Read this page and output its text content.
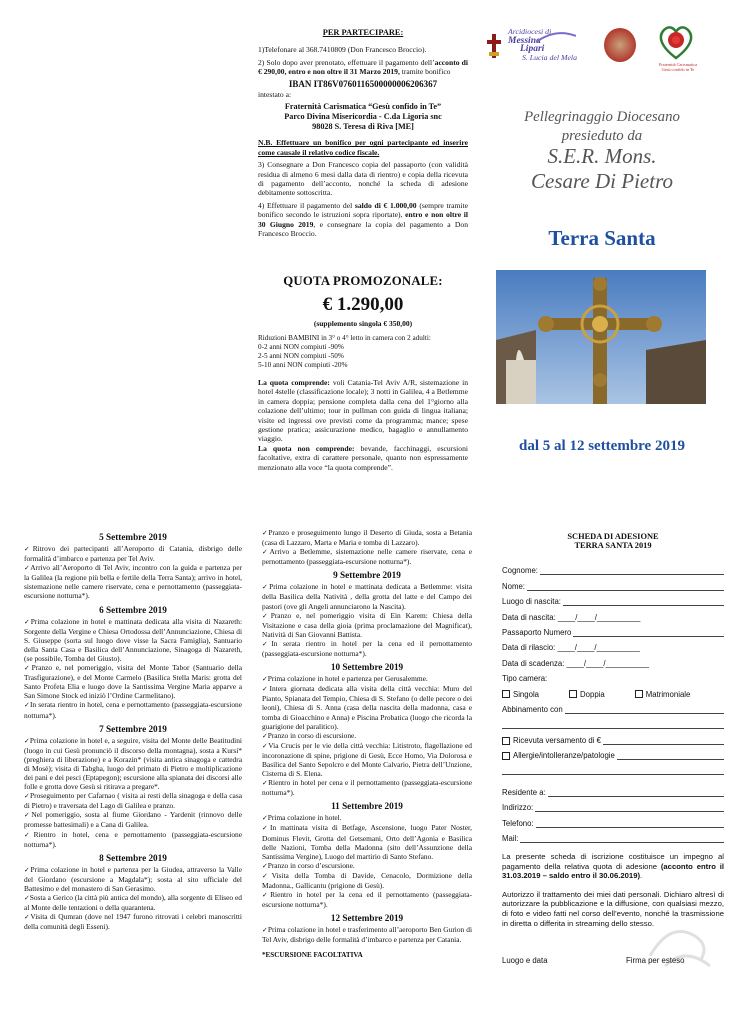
PER PARTECIPARE:

1)Telefonare al 368.7410809 (Don Francesco Broccio).

2) Solo dopo aver prenotato, effettuare il pagamento dell’acconto di € 290,00, entro e non oltre il 31 Marzo 2019, tramite bonifico

IBAN IT86V0760116500000006206367

intestato a:

Fraternità Carismatica “Gesù confido in Te”
Parco Divina Misericordia - C.da Ligoria snc
98028 S. Teresa di Riva [ME]

N.B. Effettuare un bonifico per ogni partecipante ed inserire come causale il relativo codice fiscale.

3) Consegnare a Don Francesco copia del passaporto (con validità residua di almeno 6 mesi dalla data di rientro) e copia della ricevuta di pagamento dell’acconto, nonché la scheda di adesione debitamente sottoscritta.

4) Effettuare il pagamento del saldo di € 1.000,00 (sempre tramite bonifico secondo le istruzioni sopra riportate), entro e non oltre il 30 Giugno 2019, e consegnare la copia del pagamento a Don Francesco Broccio.

QUOTA PROMOZONALE:
€ 1.290,00
(supplemento singola € 350,00)
Riduzioni BAMBINI in 3° o 4° letto in camera con 2 adulti:
0-2 anni NON compiuti -90%
2-5 anni NON compiuti -50%
5-10 anni NON compiuti -20%

La quota comprende: voli Catania-Tel Aviv A/R, sistemazione in hotel 4stelle (classificazione locale); 3 notti in Galilea, 4 a Betlemme in camera doppia; pensione completa dalla cena del 1°giorno alla colazione dell’ultimo; tour in pullman con guida di lingua italiana; visite ed ingressi ove previsti come da programma; mance; spese gestione pratica; assicurazione medico, bagaglio e annullamento viaggio.

La quota non comprende: bevande, facchinaggi, escursioni facoltative, extra di carattere personale, quanto non espressamente menzionato alla voce “la quota comprende”.

Arcidiocesi di
Messina
Lipari
S. Lucia del Mela
Fraternità Carismatica
Gesù confido in Te
Pellegrinaggio Diocesano
presieduto da
S.E.R. Mons.
Cesare Di Pietro
Terra Santa
dal 5 al 12 settembre 2019
5 Settembre 2019
✓ Ritrovo dei partecipanti all’Aeroporto di Catania, disbrigo delle formalità d’imbarco e partenza per Tel Aviv.
✓ Arrivo all’Aeroporto di Tel Aviv, incontro con la guida e partenza per la Galilea (la regione più bella e fertile della Terra Santa); arrivo in hotel, sistemazione nelle camere riservate, cena e pernottamento (passeggiata-escursione notturna*).
6 Settembre 2019
✓ Prima colazione in hotel e mattinata dedicata alla visita di Nazareth: Sorgente della Vergine e Chiesa Ortodossa dell’Annunciazione, Chiesa di S. Giuseppe (sorta sul luogo dove visse la Sacra Famiglia), Santuario della Santa Casa e Basilica dell’Annunciazione, Sinagoga di Nazareth, (se possibile, Tomba del Giusto).
✓ Pranzo e, nel pomeriggio, visita del Monte Tabor (Santuario della Trasfigurazione), e del Monte Carmelo (Basilica Stella Maris: grotta del Santo Profeta Elia e luogo dove la Santissima Vergine Maria apparve a San Simone Stock ed iniziò l’Ordine Carmelitano).
✓ In serata rientro in hotel, cena e pernottamento (passeggiata-escursione notturna*).
7 Settembre 2019
✓ Prima colazione in hotel e, a seguire, visita del Monte delle Beatitudini (luogo in cui Gesù pronunciò il discorso della montagna), sosta a Kursi* (preghiera di liberazione) e a Korazin* (visita antica sinagoga e cattedra di Mosè); visita di Tabgha, luogo del primato di Pietro e moltiplicazione dei pani e dei pesci (Eptapegon); escursione alla spianata dei discorsi alle folle e grotta dove Gesù si ritirava a pregare*.
✓ Proseguimento per Cafarnao ( visita ai resti della sinagoga e della casa di Pietro) e traversata del Lago di Galilea e pranzo.
✓ Nel pomeriggio, sosta al fiume Giordano - Yardenit (rinnovo delle promesse battesimali) e a Cana di Galilea.
✓ Rientro in hotel, cena e pernottamento (passeggiata-escursione notturna*).
8 Settembre 2019
✓ Prima colazione in hotel e partenza per la Giudea, attraverso la Valle del Giordano (escursione a Magdala*); sosta al sito ufficiale del Battesimo e del monastero di San Gerasimo.
✓ Sosta a Gerico (la città più antica del mondo), alla sorgente di Eliseo ed al Monte delle tentazioni o della quarantena.
✓ Visita di Qumran (dove nel 1947 furono ritrovati i celebri manoscritti della comunità degli Esseni).
✓ Pranzo e proseguimento lungo il Deserto di Giuda, sosta a Betania (casa di Lazzaro, Marta e Maria e tomba di Lazzaro).
✓ Arrivo a Betlemme, sistemazione nelle camere riservate, cena e pernottamento (passeggiata-escursione notturna*).
9 Settembre 2019
✓ Prima colazione in hotel e mattinata dedicata a Betlemme: visita della Basilica della Natività , della grotta del latte e del Campo dei pastori (ove gli Angeli annunciarono la Nascita).
✓ Pranzo e, nel pomeriggio visita di Ein Karem: Chiesa della Visitazione e casa della gioia (prima proclamazione del Magnificat), Natività di San Giovanni Battista.
✓ In serata rientro in hotel per la cena ed il pernottamento (passeggiata-escursione notturna*).
10 Settembre 2019
✓ Prima colazione in hotel e partenza per Gerusalemme.
✓ Intera giornata dedicata alla visita della città vecchia: Muro del Pianto, Spianata del Tempio, Chiesa di S. Stefano (o delle pecore o dei leoni), Chiesa di S. Anna (casa della nascita della madonna, casa e tomba di Gioacchino e Anna) e Piscina Probatica (luogo che ricorda la guarigione del paralitico).
✓ Pranzo in corso di escursione.
✓ Via Crucis per le vie della città vecchia: Litistroto, flagellazione ed incoronazione di spine, prigione di Gesù, Ecce Homo, Via Dolorosa e Basilica del Santo Sepolcro e del Monte Calvario, Pietra dell’Unzione, Cisterna di S. Elena.
✓ Rientro in hotel per cena e il pernottamento (passeggiata-escursione notturna*).
11 Settembre 2019
✓ Prima colazione in hotel.
✓ In mattinata visita di Betfage, Ascensione, luogo Pater Noster, Dominus Flevit, Grotta del Getsemani, Orto dell’Agonia e Basilica delle Nazioni, Tomba della Madonna (sito dell’Assunzione della Santissima Vergine), Luogo del martirio di Santo Stefano.
✓ Pranzo in corso d’escursione.
✓ Visita della Tomba di Davide, Cenacolo, Dormizione della Madonna., Gallicantu (prigione di Gesù).
✓ Rientro in hotel per la cena ed il pernottamento (passeggiata-escursione notturna*).
12 Settembre 2019
✓ Prima colazione in hotel e trasferimento all’aeroporto Ben Gurion di Tel Aviv, disbrigo delle formalità d’imbarco e partenza per Catania.
*ESCURSIONE FACOLTATIVA
SCHEDA DI ADESIONE
TERRA SANTA 2019
Cognome:
Nome:
Luogo di nascita:
Data di nascita: ____/____/__________
Passaporto Numero
Data di rilascio: ____/____/__________
Data di scadenza: ____/____/__________
Tipo camera:
Singola	Doppia	Matrimoniale
Abbinamento con
Ricevuta versamento di €
Allergie/intolleranze/patologie
Residente a:
Indirizzo:
Telefono:
Mail:

La presente scheda di iscrizione costituisce un impegno al pagamento della relativa quota di adesione (acconto entro il 31.03.2019 – saldo entro il 30.06.2019).

Autorizzo il trattamento dei miei dati personali. Dichiaro altresì di autorizzare la pubblicazione e la diffusione, con qualsiasi mezzo, di foto e video fatti nel corso dell’evento, nonché la trasmissione in diretta o differita in streaming dello stesso.

Luogo e data	Firma per esteso
